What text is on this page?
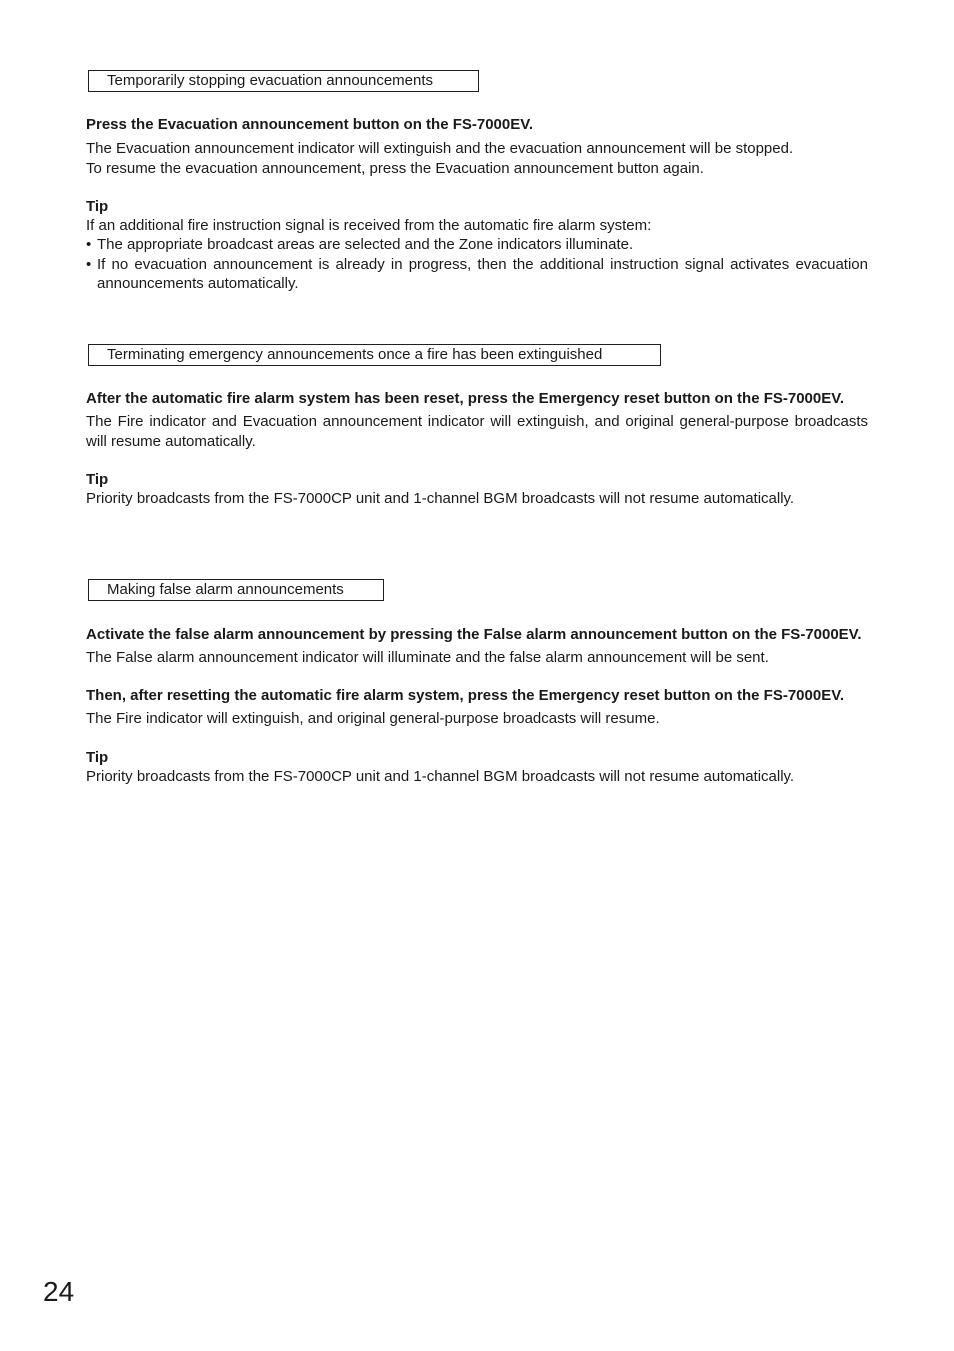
Temporarily stopping evacuation announcements

Press the Evacuation announcement button on the FS-7000EV.

The Evacuation announcement indicator will extinguish and the evacuation announcement will be stopped.

To resume the evacuation announcement, press the Evacuation announcement button again.

Tip

If an additional fire instruction signal is received from the automatic fire alarm system:

• The appropriate broadcast areas are selected and the Zone indicators illuminate.
• If no evacuation announcement is already in progress, then the additional instruction signal activates evacuation announcements automatically.
Terminating emergency announcements once a fire has been extinguished

After the automatic fire alarm system has been reset, press the Emergency reset button on the FS-7000EV.

The Fire indicator and Evacuation announcement indicator will extinguish, and original general-purpose broadcasts will resume automatically.

Tip

Priority broadcasts from the FS-7000CP unit and 1-channel BGM broadcasts will not resume automatically.

Making false alarm announcements

Activate the false alarm announcement by pressing the False alarm announcement button on the FS-7000EV.

The False alarm announcement indicator will illuminate and the false alarm announcement will be sent.

Then, after resetting the automatic fire alarm system, press the Emergency reset button on the FS-7000EV.

The Fire indicator will extinguish, and original general-purpose broadcasts will resume.

Tip

Priority broadcasts from the FS-7000CP unit and 1-channel BGM broadcasts will not resume automatically.

24
